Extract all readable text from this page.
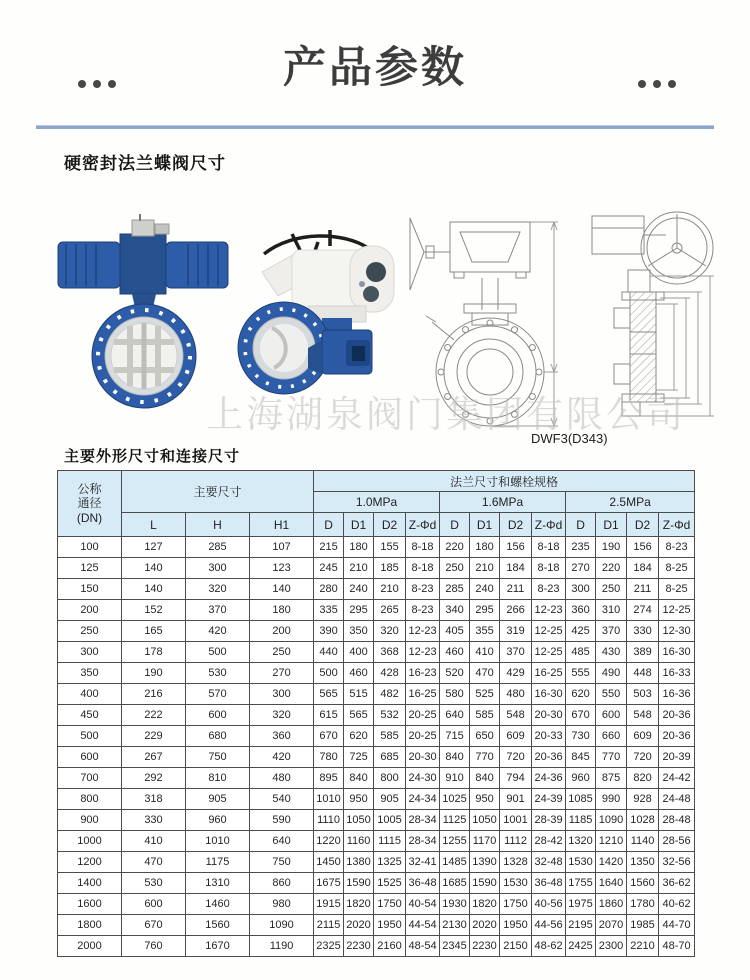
产品参数
硬密封法兰蝶阀尺寸
上海湖泉阀门集团有限公司
DWF3(D343)
主要外形尺寸和连接尺寸
公称
通径
(DN)	主要尺寸			法兰尺寸和螺栓规格											
				1.0MPa				1.6MPa				2.5MPa			
	L	H	H1	D	D1	D2	Z-Φd	D	D1	D2	Z-Φd	D	D1	D2	Z-Φd
100	127	285	107	215	180	155	8-18	220	180	156	8-18	235	190	156	8-23
125	140	300	123	245	210	185	8-18	250	210	184	8-18	270	220	184	8-25
150	140	320	140	280	240	210	8-23	285	240	211	8-23	300	250	211	8-25
200	152	370	180	335	295	265	8-23	340	295	266	12-23	360	310	274	12-25
250	165	420	200	390	350	320	12-23	405	355	319	12-25	425	370	330	12-30
300	178	500	250	440	400	368	12-23	460	410	370	12-25	485	430	389	16-30
350	190	530	270	500	460	428	16-23	520	470	429	16-25	555	490	448	16-33
400	216	570	300	565	515	482	16-25	580	525	480	16-30	620	550	503	16-36
450	222	600	320	615	565	532	20-25	640	585	548	20-30	670	600	548	20-36
500	229	680	360	670	620	585	20-25	715	650	609	20-33	730	660	609	20-36
600	267	750	420	780	725	685	20-30	840	770	720	20-36	845	770	720	20-39
700	292	810	480	895	840	800	24-30	910	840	794	24-36	960	875	820	24-42
800	318	905	540	1010	950	905	24-34	1025	950	901	24-39	1085	990	928	24-48
900	330	960	590	1110	1050	1005	28-34	1125	1050	1001	28-39	1185	1090	1028	28-48
1000	410	1010	640	1220	1160	1115	28-34	1255	1170	1112	28-42	1320	1210	1140	28-56
1200	470	1175	750	1450	1380	1325	32-41	1485	1390	1328	32-48	1530	1420	1350	32-56
1400	530	1310	860	1675	1590	1525	36-48	1685	1590	1530	36-48	1755	1640	1560	36-62
1600	600	1460	980	1915	1820	1750	40-54	1930	1820	1750	40-56	1975	1860	1780	40-62
1800	670	1560	1090	2115	2020	1950	44-54	2130	2020	1950	44-56	2195	2070	1985	44-70
2000	760	1670	1190	2325	2230	2160	48-54	2345	2230	2150	48-62	2425	2300	2210	48-70
